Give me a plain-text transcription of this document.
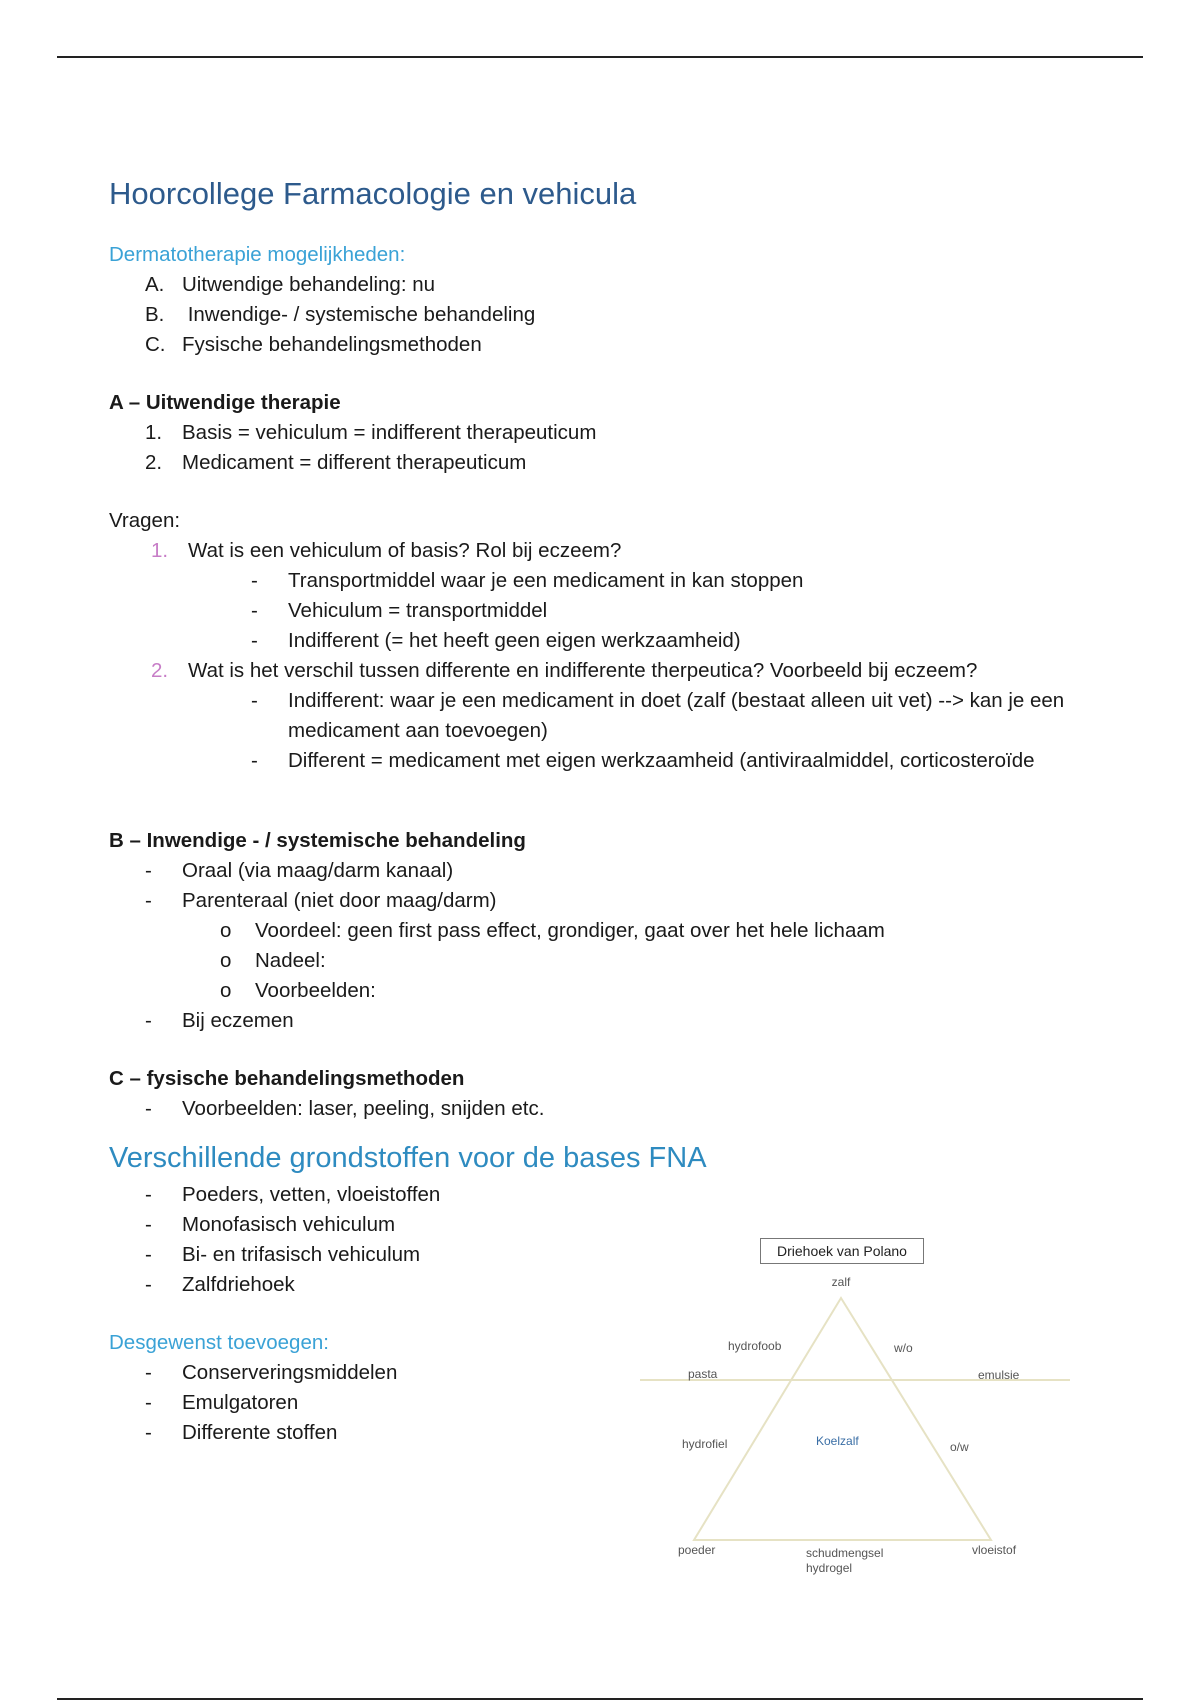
Hoorcollege Farmacologie en vehicula

Dermatotherapie mogelijkheden:

A. Uitwendige behandeling: nu
B. Inwendige- / systemische behandeling
C. Fysische behandelingsmethoden

A – Uitwendige therapie

1. Basis = vehiculum = indifferent therapeuticum
2. Medicament = different therapeuticum

Vragen:

1. Wat is een vehiculum of basis? Rol bij eczeem?
-	Transportmiddel waar je een medicament in kan stoppen
-	Vehiculum = transportmiddel
-	Indifferent (= het heeft geen eigen werkzaamheid)
2. Wat is het verschil tussen differente en indifferente therpeutica? Voorbeeld bij eczeem?
-	Indifferent: waar je een medicament in doet (zalf (bestaat alleen uit vet) --> kan je een medicament aan toevoegen)
-	Different = medicament met eigen werkzaamheid (antiviraalmiddel, corticosteroïde

B – Inwendige - / systemische behandeling

-	Oraal (via maag/darm kanaal)
-	Parenteraal (niet door maag/darm)
o	Voordeel: geen first pass effect, grondiger, gaat over het hele lichaam
o	Nadeel:
o	Voorbeelden:
-	Bij eczemen

C – fysische behandelingsmethoden

-	Voorbeelden: laser, peeling, snijden etc.
Verschillende grondstoffen voor de bases FNA
-	Poeders, vetten, vloeistoffen
-	Monofasisch vehiculum
-	Bi- en trifasisch vehiculum
-	Zalfdriehoek

Desgewenst toevoegen:

-	Conserveringsmiddelen
-	Emulgatoren
-	Differente stoffen
zalf
hydrofoob	w/o
pasta	emulsie
hydrofiel	Koelzalf	o/w
poeder	schudmengsel
hydrogel
vloeistof
Driehoek van Polano
